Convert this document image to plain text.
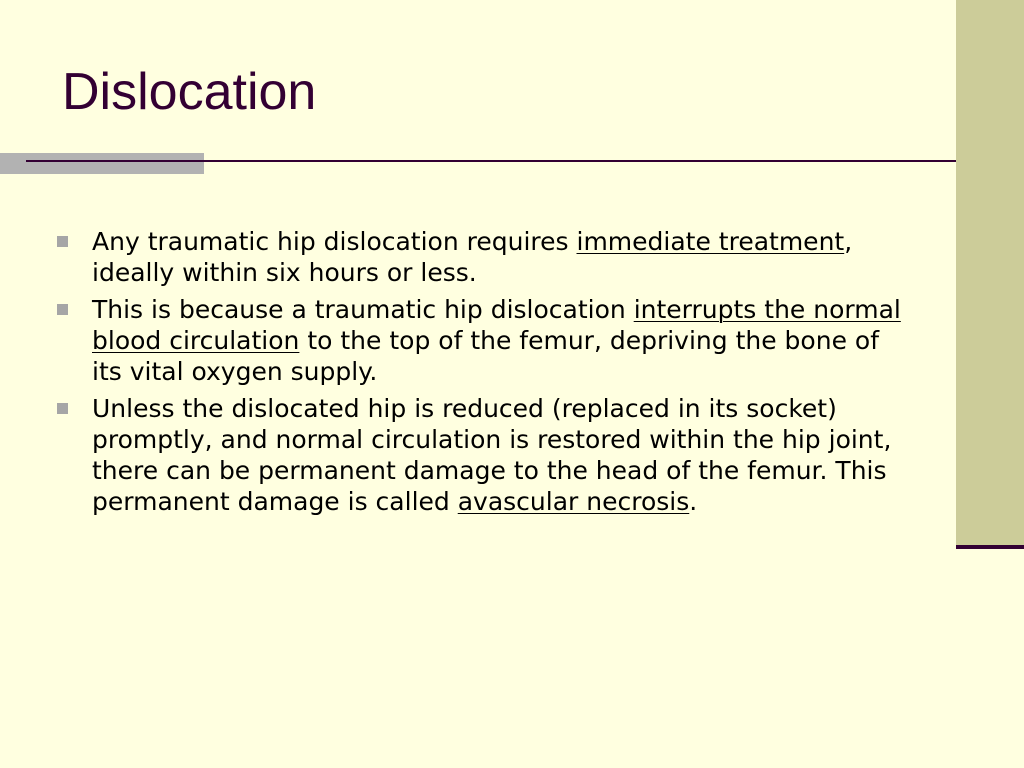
Dislocation
Any traumatic hip dislocation requires immediate treatment, ideally within six hours or less.
This is because a traumatic hip dislocation interrupts the normal blood circulation to the top of the femur, depriving the bone of its vital oxygen supply.
Unless the dislocated hip is reduced (replaced in its socket) promptly, and normal circulation is restored within the hip joint, there can be permanent damage to the head of the femur. This permanent damage is called avascular necrosis.
